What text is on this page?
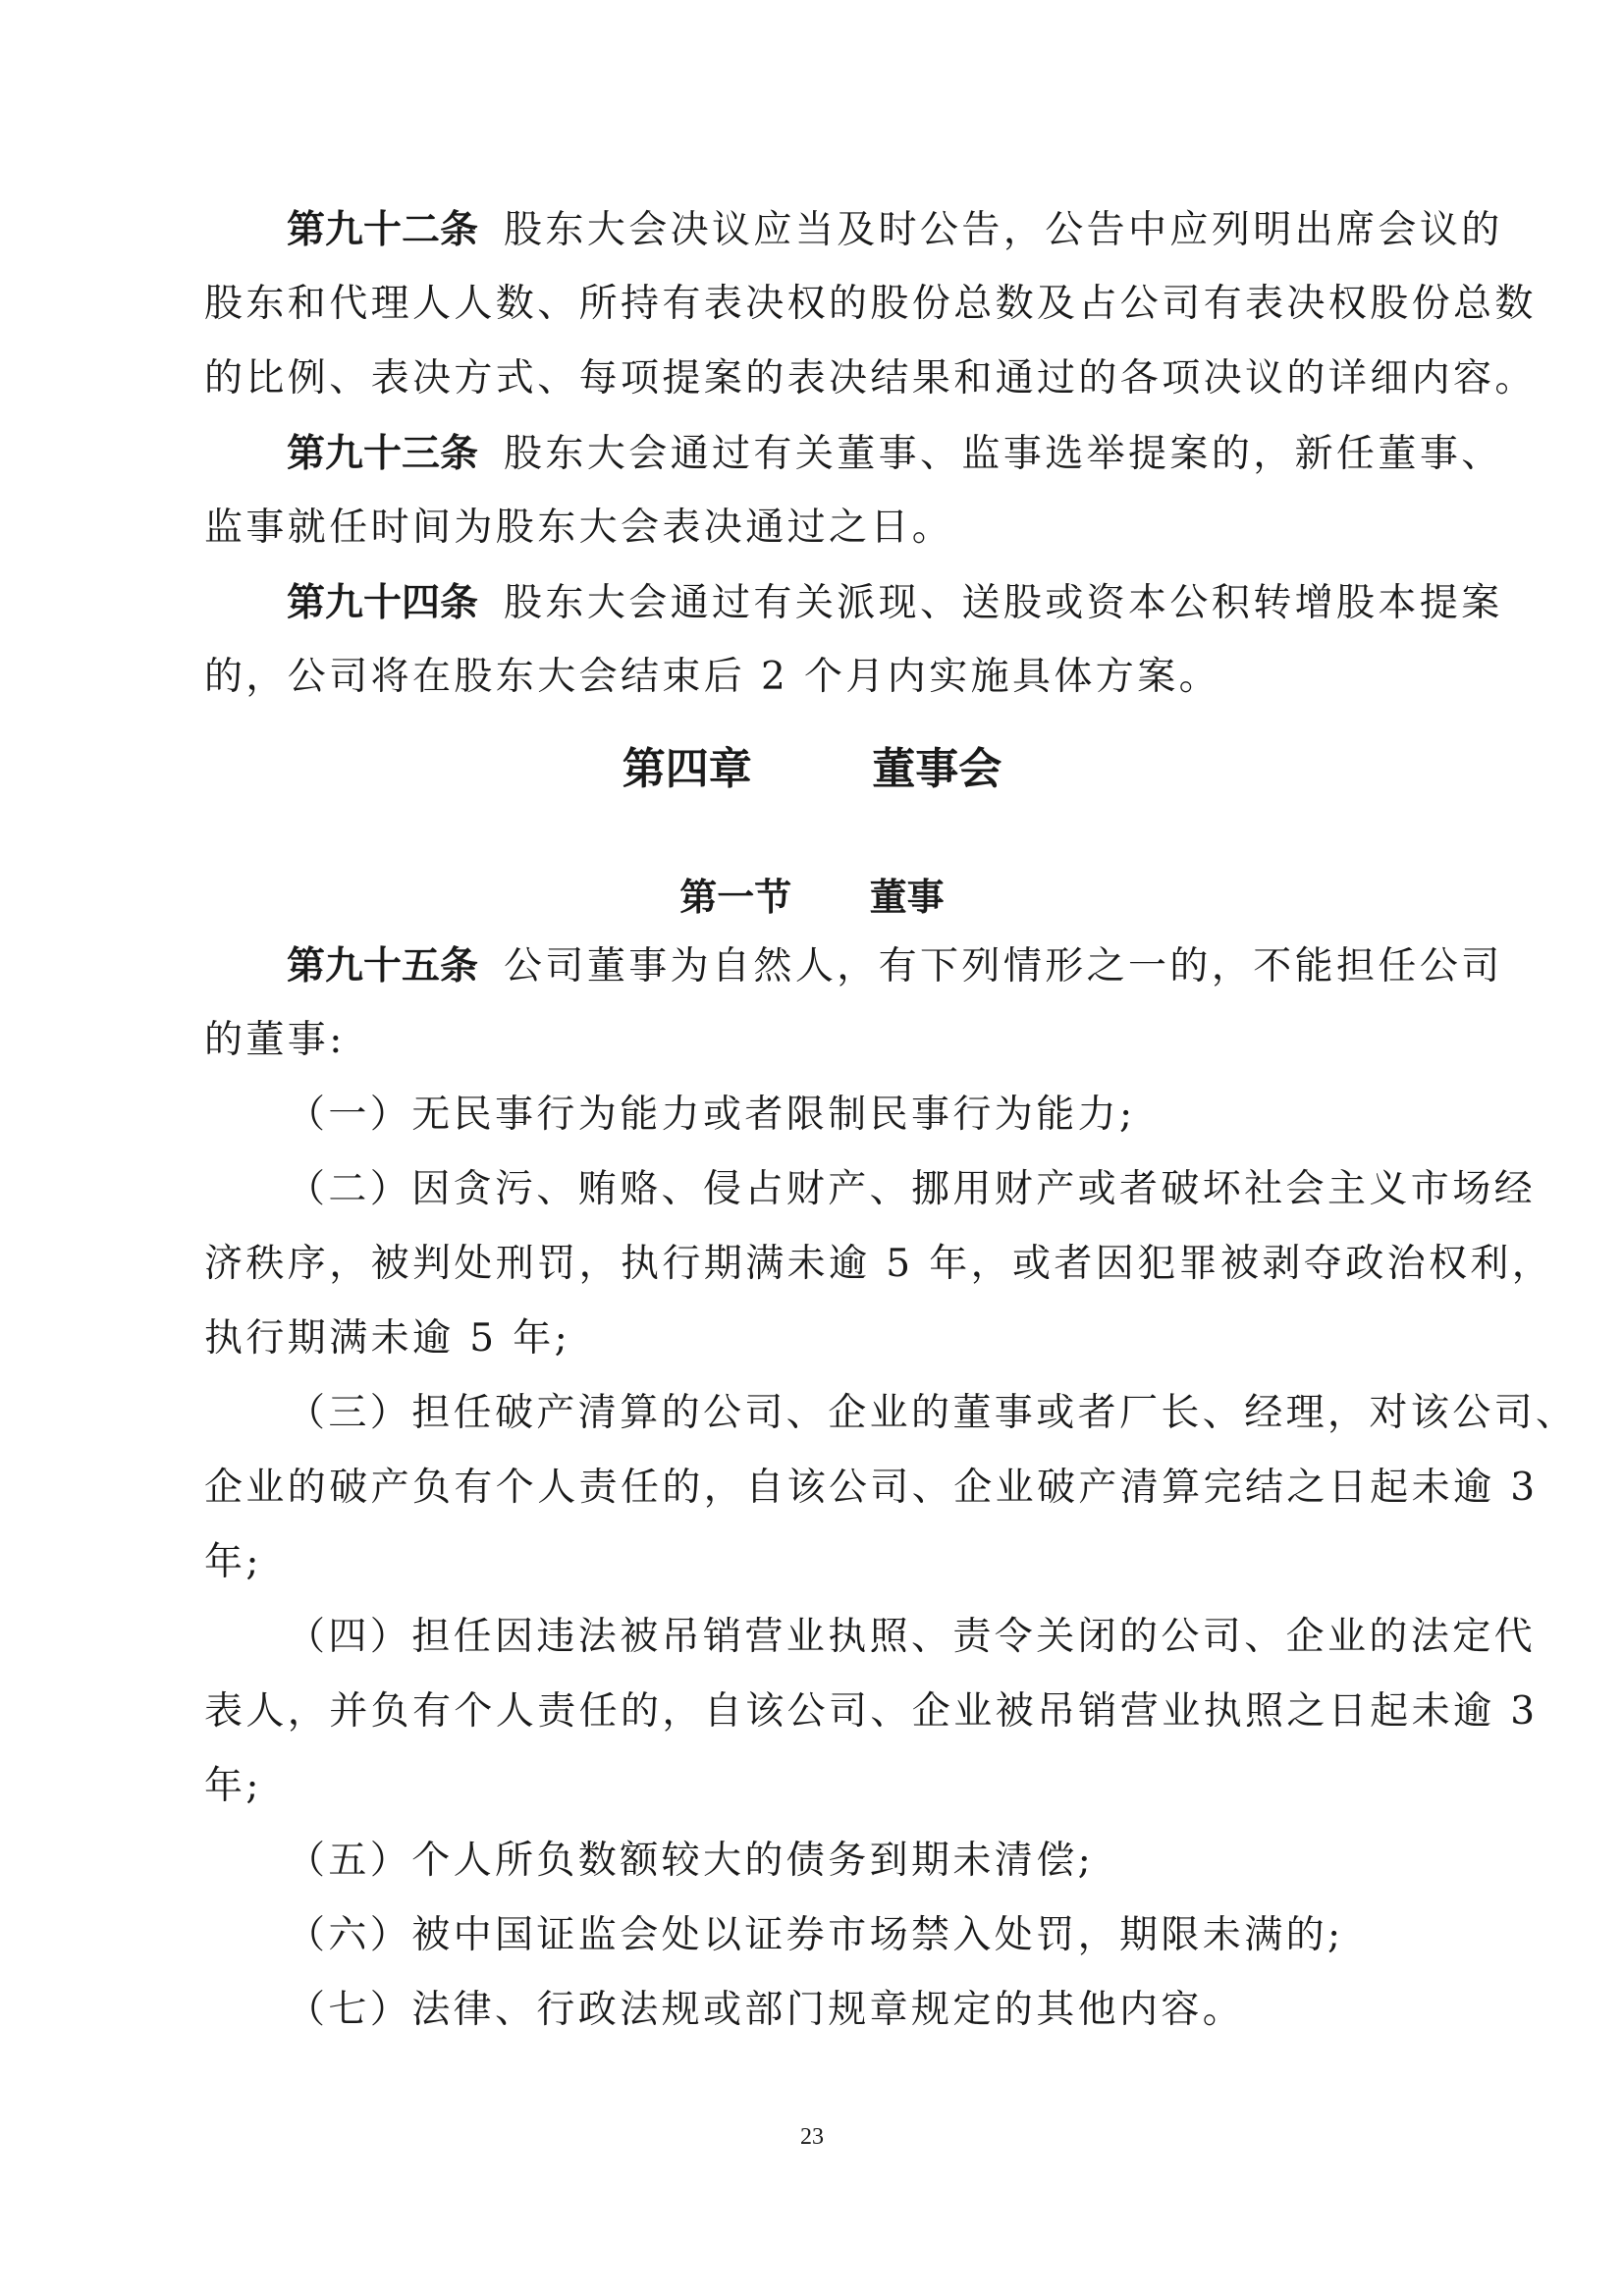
第九十二条 股东大会决议应当及时公告，公告中应列明出席会议的
股东和代理人人数、所持有表决权的股份总数及占公司有表决权股份总数
的比例、表决方式、每项提案的表决结果和通过的各项决议的详细内容。
第九十三条 股东大会通过有关董事、监事选举提案的，新任董事、
监事就任时间为股东大会表决通过之日。
第九十四条 股东大会通过有关派现、送股或资本公积转增股本提案
的，公司将在股东大会结束后 2 个月内实施具体方案。
第四章        董事会
第一节      董事
第九十五条 公司董事为自然人，有下列情形之一的，不能担任公司
的董事:
（一）无民事行为能力或者限制民事行为能力;
（二）因贪污、贿赂、侵占财产、挪用财产或者破坏社会主义市场经
济秩序，被判处刑罚，执行期满未逾 5 年，或者因犯罪被剥夺政治权利，
执行期满未逾 5 年;
（三）担任破产清算的公司、企业的董事或者厂长、经理，对该公司、
企业的破产负有个人责任的，自该公司、企业破产清算完结之日起未逾 3
年;
（四）担任因违法被吊销营业执照、责令关闭的公司、企业的法定代
表人，并负有个人责任的，自该公司、企业被吊销营业执照之日起未逾 3
年;
（五）个人所负数额较大的债务到期未清偿;
（六）被中国证监会处以证券市场禁入处罚，期限未满的;
（七）法律、行政法规或部门规章规定的其他内容。
23
